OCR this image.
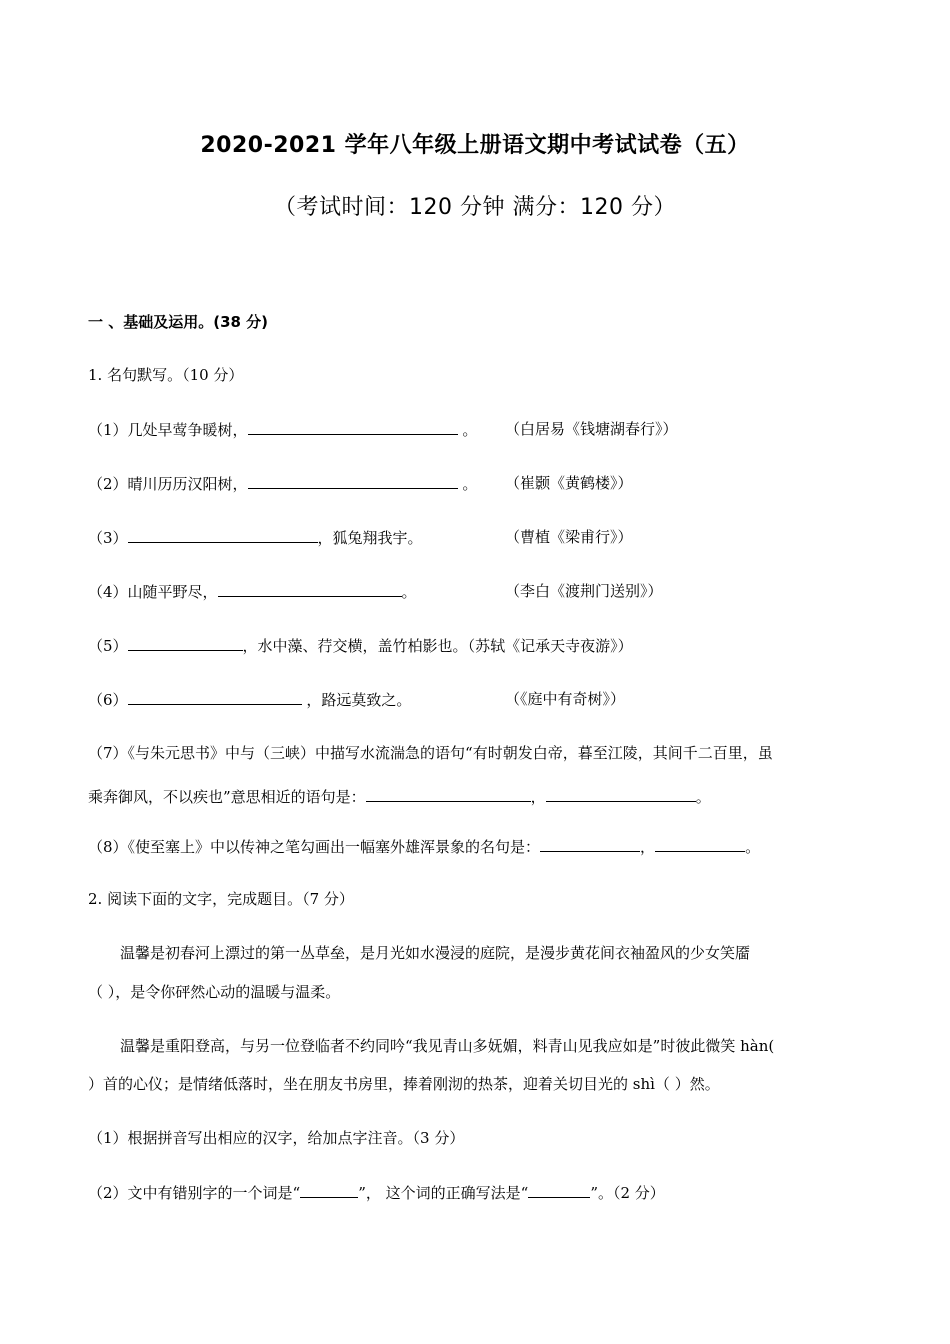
2020-2021 学年八年级上册语文期中考试试卷（五）
（考试时间：120 分钟 满分：120 分）
一 、基础及运用。(38 分)
1. 名句默写。（10 分）
（1）几处早莺争暖树，	。 （白居易《钱塘湖春行》）
（2）晴川历历汉阳树，	。 （崔颢《黄鹤楼》）
（3）	，狐兔翔我宇。	（曹植《梁甫行》）
（4）山随平野尽，	。	（李白《渡荆门送别》）
（5）	，水中藻、荇交横，盖竹柏影也。（苏轼《记承天寺夜游》）
（6）	，路远莫致之。	（《庭中有奇树》）
（7）《与朱元思书》中与（三峡）中描写水流湍急的语句“有时朝发白帝，暮至江陵，其间千二百里，虽
乘奔御风，不以疾也”意思相近的语句是：	，	。
（8）《使至塞上》中以传神之笔勾画出一幅塞外雄浑景象的名句是：	，	。
2. 阅读下面的文字，完成题目。（7 分）
温馨是初春河上漂过的第一丛草垒，是月光如水漫浸的庭院，是漫步黄花间衣袖盈风的少女笑靥
（ ），是令你砰然心动的温暖与温柔。
温馨是重阳登高，与另一位登临者不约同吟“我见青山多妩媚，料青山见我应如是”时彼此微笑 hàn(
）首的心仪；是情绪低落时，坐在朋友书房里，捧着刚沏的热茶，迎着关切目光的 shì（ ）然。
（1）根据拼音写出相应的汉字，给加点字注音。（3 分）
（2）文中有错别字的一个词是“	”， 这个词的正确写法是“	”。（2 分）
